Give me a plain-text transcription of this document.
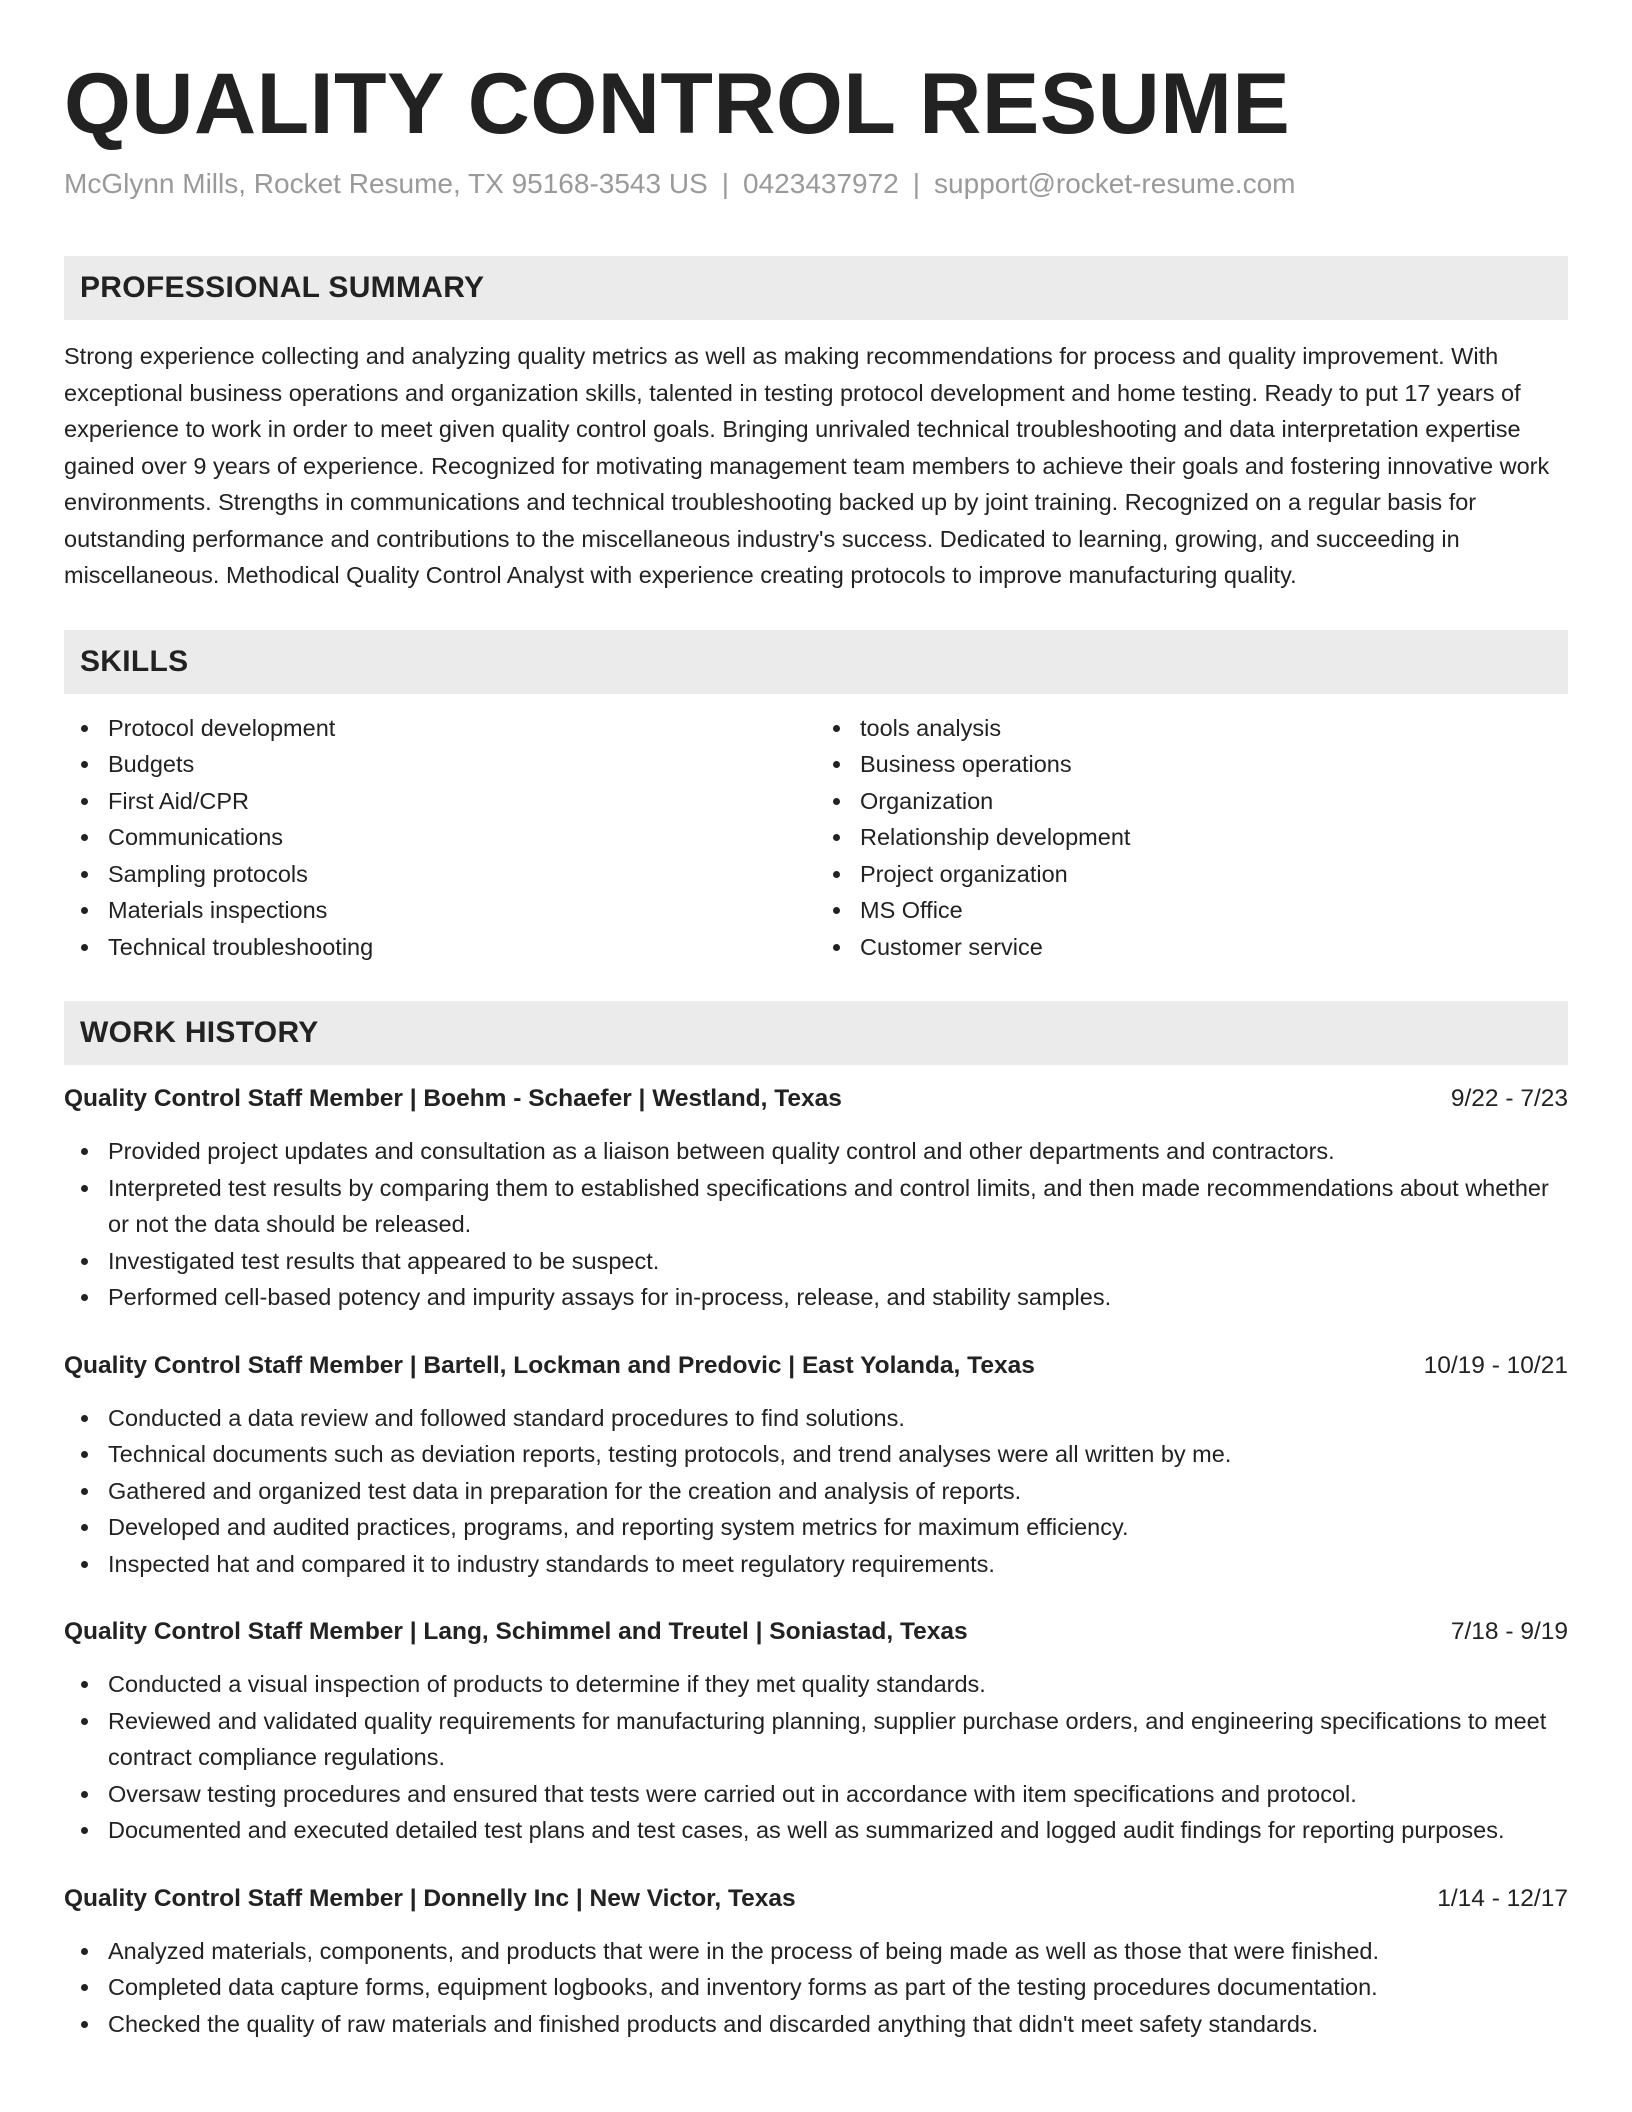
QUALITY CONTROL RESUME
McGlynn Mills, Rocket Resume, TX 95168-3543 US | 0423437972 | support@rocket-resume.com
PROFESSIONAL SUMMARY
Strong experience collecting and analyzing quality metrics as well as making recommendations for process and quality improvement. With exceptional business operations and organization skills, talented in testing protocol development and home testing. Ready to put 17 years of experience to work in order to meet given quality control goals. Bringing unrivaled technical troubleshooting and data interpretation expertise gained over 9 years of experience. Recognized for motivating management team members to achieve their goals and fostering innovative work environments. Strengths in communications and technical troubleshooting backed up by joint training. Recognized on a regular basis for outstanding performance and contributions to the miscellaneous industry's success. Dedicated to learning, growing, and succeeding in miscellaneous. Methodical Quality Control Analyst with experience creating protocols to improve manufacturing quality.
SKILLS
Protocol development
Budgets
First Aid/CPR
Communications
Sampling protocols
Materials inspections
Technical troubleshooting
tools analysis
Business operations
Organization
Relationship development
Project organization
MS Office
Customer service
WORK HISTORY
Quality Control Staff Member | Boehm - Schaefer | Westland, Texas	9/22 - 7/23
Provided project updates and consultation as a liaison between quality control and other departments and contractors.
Interpreted test results by comparing them to established specifications and control limits, and then made recommendations about whether or not the data should be released.
Investigated test results that appeared to be suspect.
Performed cell-based potency and impurity assays for in-process, release, and stability samples.
Quality Control Staff Member | Bartell, Lockman and Predovic | East Yolanda, Texas	10/19 - 10/21
Conducted a data review and followed standard procedures to find solutions.
Technical documents such as deviation reports, testing protocols, and trend analyses were all written by me.
Gathered and organized test data in preparation for the creation and analysis of reports.
Developed and audited practices, programs, and reporting system metrics for maximum efficiency.
Inspected hat and compared it to industry standards to meet regulatory requirements.
Quality Control Staff Member | Lang, Schimmel and Treutel | Soniastad, Texas	7/18 - 9/19
Conducted a visual inspection of products to determine if they met quality standards.
Reviewed and validated quality requirements for manufacturing planning, supplier purchase orders, and engineering specifications to meet contract compliance regulations.
Oversaw testing procedures and ensured that tests were carried out in accordance with item specifications and protocol.
Documented and executed detailed test plans and test cases, as well as summarized and logged audit findings for reporting purposes.
Quality Control Staff Member | Donnelly Inc | New Victor, Texas	1/14 - 12/17
Analyzed materials, components, and products that were in the process of being made as well as those that were finished.
Completed data capture forms, equipment logbooks, and inventory forms as part of the testing procedures documentation.
Checked the quality of raw materials and finished products and discarded anything that didn't meet safety standards.
